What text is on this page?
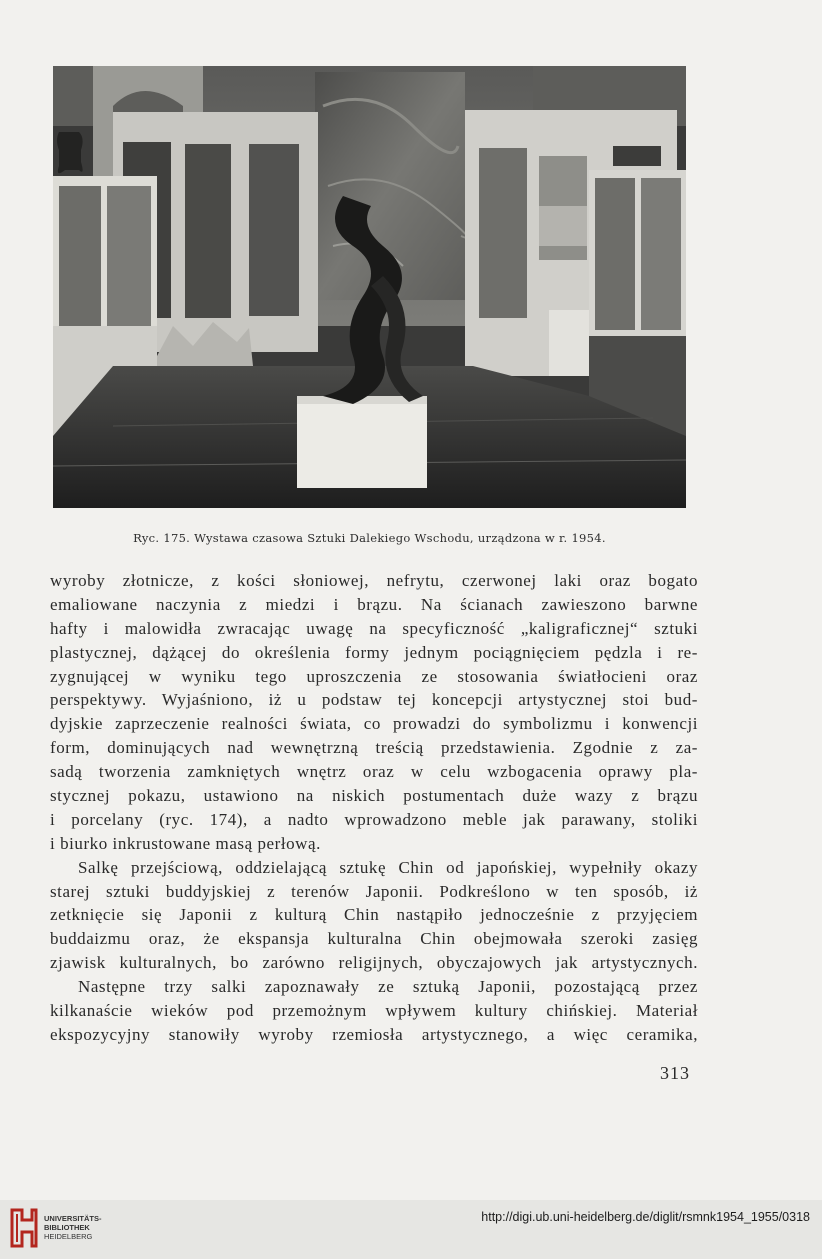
Ryc. 175. Wystawa czasowa Sztuki Dalekiego Wschodu, urządzona w r. 1954.
wyroby złotnicze, z kości słoniowej, nefrytu, czerwonej laki oraz bogato
emaliowane naczynia z miedzi i brązu. Na ścianach zawieszono barwne
hafty i malowidła zwracając uwagę na specyficzność „kaligraficznej“ sztuki
plastycznej, dążącej do określenia formy jednym pociągnięciem pędzla i re-
zygnującej w wyniku tego uproszczenia ze stosowania światłocieni oraz
perspektywy. Wyjaśniono, iż u podstaw tej koncepcji artystycznej stoi bud-
dyjskie zaprzeczenie realności świata, co prowadzi do symbolizmu i konwencji
form, dominujących nad wewnętrzną treścią przedstawienia. Zgodnie z za-
sadą tworzenia zamkniętych wnętrz oraz w celu wzbogacenia oprawy pla-
stycznej pokazu, ustawiono na niskich postumentach duże wazy z brązu
i porcelany (ryc. 174), a nadto wprowadzono meble jak parawany, stoliki
i biurko inkrustowane masą perłową.
Salkę przejściową, oddzielającą sztukę Chin od japońskiej, wypełniły okazy
starej sztuki buddyjskiej z terenów Japonii. Podkreślono w ten sposób, iż
zetknięcie się Japonii z kulturą Chin nastąpiło jednocześnie z przyjęciem
buddaizmu oraz, że ekspansja kulturalna Chin obejmowała szeroki zasięg
zjawisk kulturalnych, bo zarówno religijnych, obyczajowych jak artystycznych.
Następne trzy salki zapoznawały ze sztuką Japonii, pozostającą przez
kilkanaście wieków pod przemożnym wpływem kultury chińskiej. Materiał
ekspozycyjny stanowiły wyroby rzemiosła artystycznego, a więc ceramika,
313
UNIVERSITÄTS-
BIBLIOTHEK
HEIDELBERG
http://digi.ub.uni-heidelberg.de/diglit/rsmnk1954_1955/0318
